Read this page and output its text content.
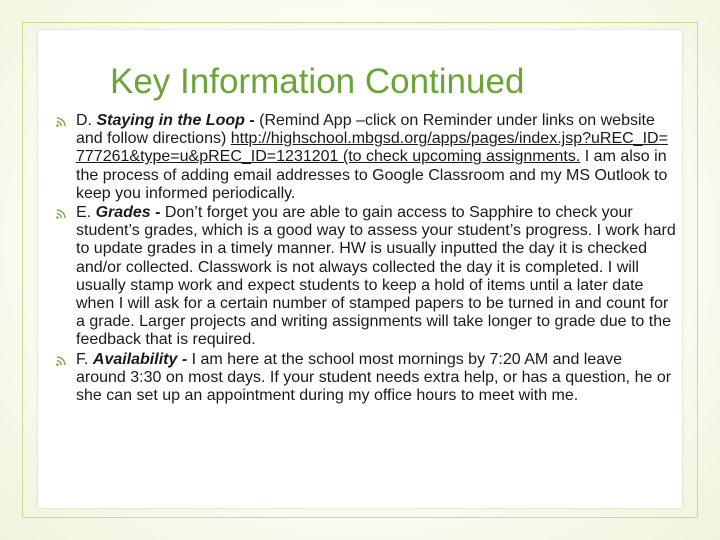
Key Information Continued
D. Staying in the Loop - (Remind App –click on Reminder under links on website and follow directions) http://highschool.mbgsd.org/apps/pages/index.jsp?uREC_ID=777261&type=u&pREC_ID=1231201 (to check upcoming assignments. I am also in the process of adding email addresses to Google Classroom and my MS Outlook to keep you informed periodically.
E. Grades - Don’t forget you are able to gain access to Sapphire to check your student’s grades, which is a good way to assess your student’s progress. I work hard to update grades in a timely manner. HW is usually inputted the day it is checked and/or collected. Classwork is not always collected the day it is completed. I will usually stamp work and expect students to keep a hold of items until a later date when I will ask for a certain number of stamped papers to be turned in and count for a grade. Larger projects and writing assignments will take longer to grade due to the feedback that is required.
F. Availability - I am here at the school most mornings by 7:20 AM and leave around 3:30 on most days. If your student needs extra help, or has a question, he or she can set up an appointment during my office hours to meet with me.
